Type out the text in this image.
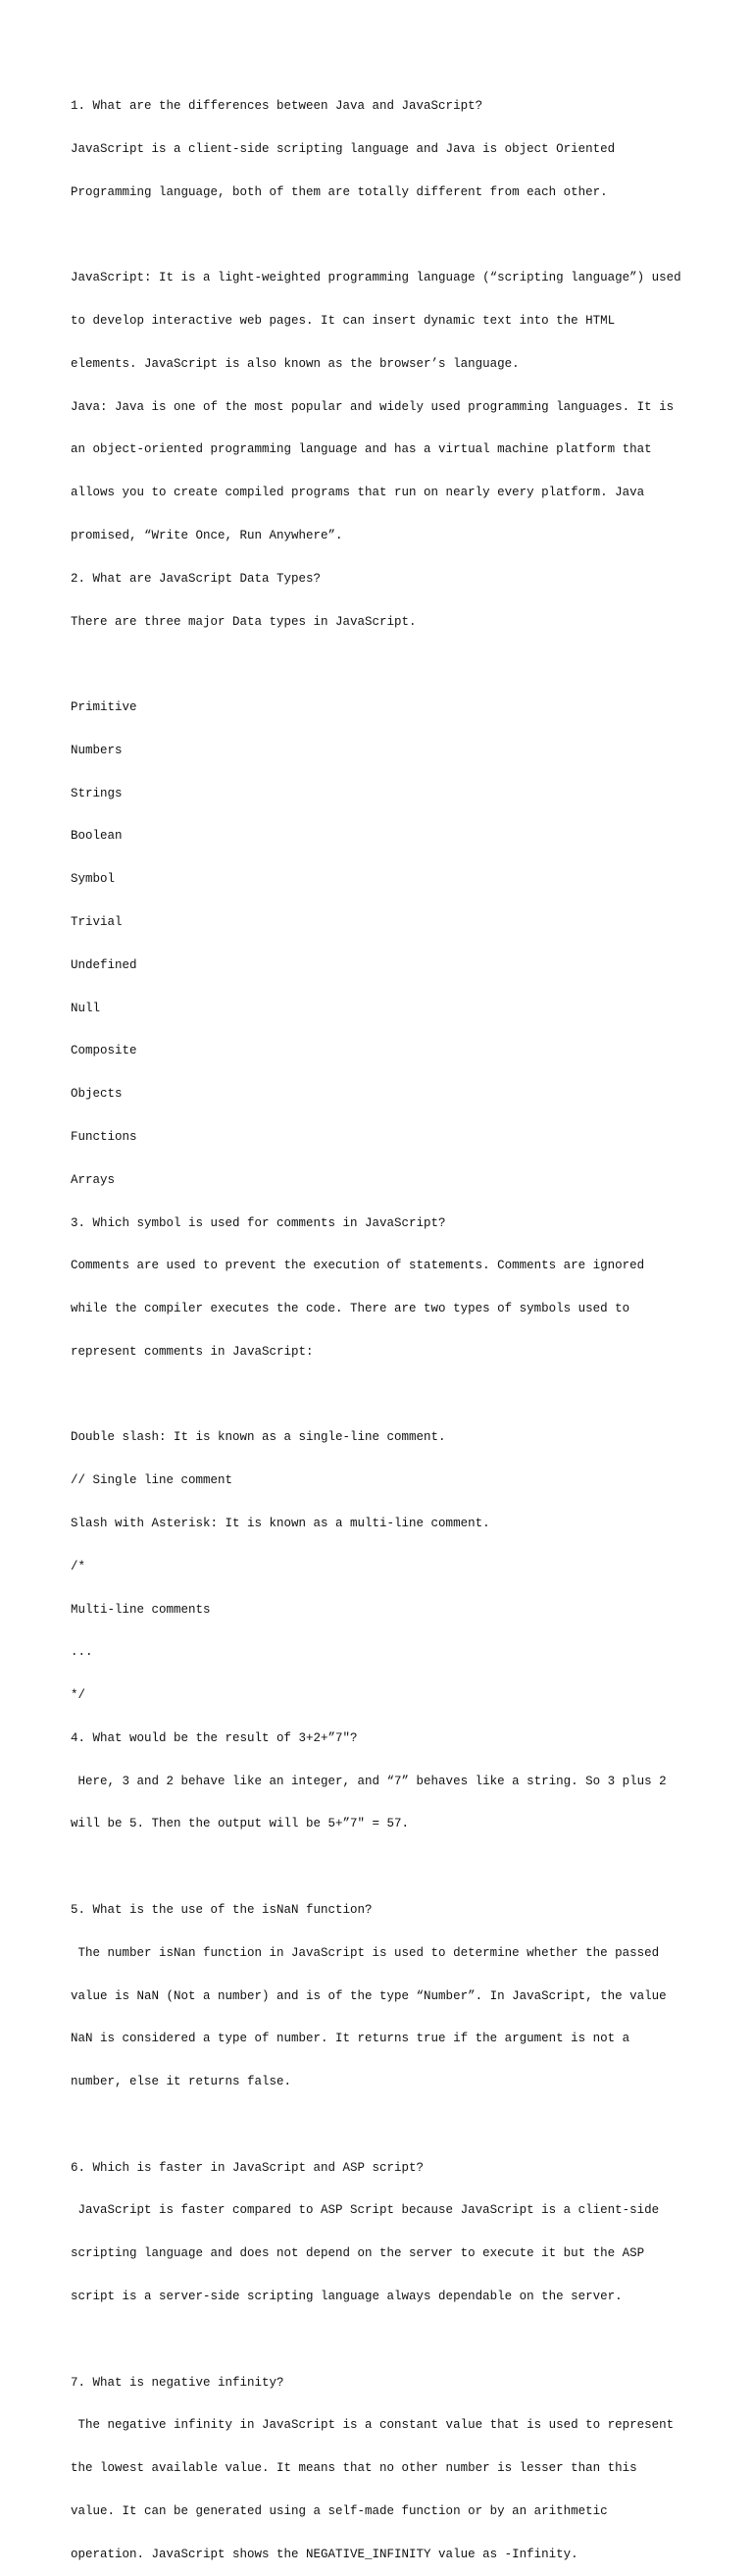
1. What are the differences between Java and JavaScript?

JavaScript is a client-side scripting language and Java is object Oriented

Programming language, both of them are totally different from each other.

JavaScript: It is a light-weighted programming language (“scripting language”) used

to develop interactive web pages. It can insert dynamic text into the HTML

elements. JavaScript is also known as the browser’s language.

Java: Java is one of the most popular and widely used programming languages. It is

an object-oriented programming language and has a virtual machine platform that

allows you to create compiled programs that run on nearly every platform. Java

promised, “Write Once, Run Anywhere”.

2. What are JavaScript Data Types?

There are three major Data types in JavaScript.

Primitive

Numbers

Strings

Boolean

Symbol

Trivial

Undefined

Null

Composite

Objects

Functions

Arrays

3. Which symbol is used for comments in JavaScript?

Comments are used to prevent the execution of statements. Comments are ignored

while the compiler executes the code. There are two types of symbols used to

represent comments in JavaScript:

Double slash: It is known as a single-line comment.

// Single line comment

Slash with Asterisk: It is known as a multi-line comment.

/*

Multi-line comments

...

*/

4. What would be the result of 3+2+”7"?

Here, 3 and 2 behave like an integer, and “7” behaves like a string. So 3 plus 2

will be 5. Then the output will be 5+”7" = 57.

5. What is the use of the isNaN function?

The number isNan function in JavaScript is used to determine whether the passed

value is NaN (Not a number) and is of the type “Number”. In JavaScript, the value

NaN is considered a type of number. It returns true if the argument is not a

number, else it returns false.

6. Which is faster in JavaScript and ASP script?

JavaScript is faster compared to ASP Script because JavaScript is a client-side

scripting language and does not depend on the server to execute it but the ASP

script is a server-side scripting language always dependable on the server.

7. What is negative infinity?

The negative infinity in JavaScript is a constant value that is used to represent

the lowest available value. It means that no other number is lesser than this

value. It can be generated using a self-made function or by an arithmetic

operation. JavaScript shows the NEGATIVE_INFINITY value as -Infinity.
